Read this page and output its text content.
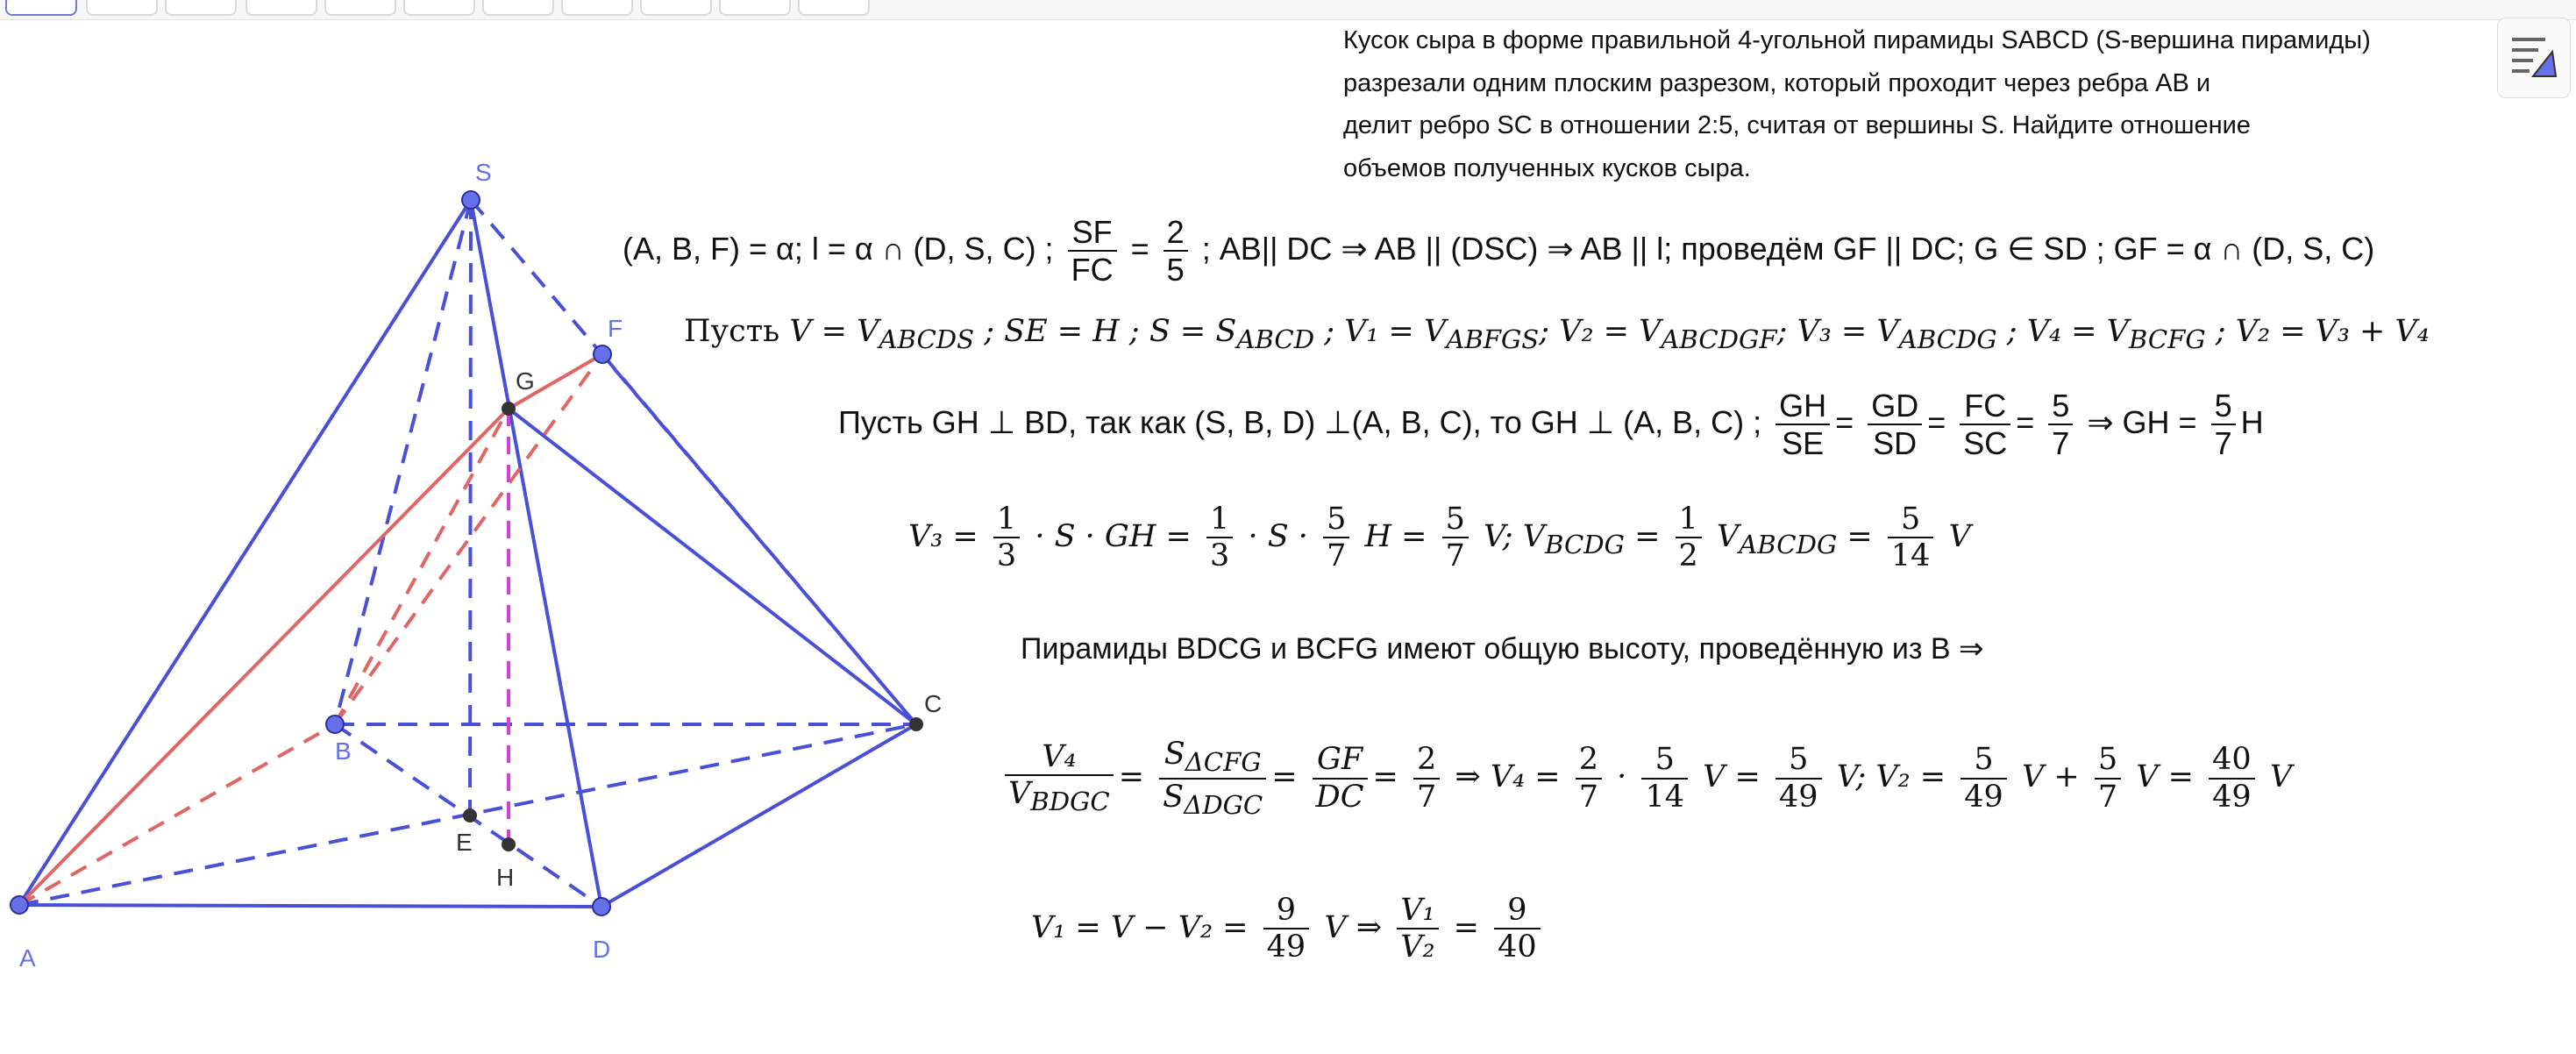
S
F
G
B
C
E
H
A	D
Кусок сыра в форме правильной 4-угольной пирамиды SABCD (S-вершина пирамиды)
разрезали одним плоским разрезом, который проходит через ребра AB и
делит ребро SC в отношении 2:5, считая от вершины S. Найдите отношение
объемов полученных кусков сыра.
(A, B, F) = α; l = α ∩ (D, S, C) ; $\frac{SF}{FC} = \frac{2}{5}$ ; AB|| DC ⇒ AB || (DSC) ⇒ AB || l; проведём GF || DC; G ∈ SD ; GF = α ∩ (D, S, C)
Пусть $V = V_{ABCDS}$ ; SE = H ; $S = S_{ABCD}$ ; $V_1 = V_{ABFGS}$; $V_2 = V_{ABCDGF}$; $V_3 = V_{ABCDG}$ ; $V_4 = V_{BCFG}$ ; V₂ = V₃ + V₄
Пусть GH ⊥ BD, так как (S, B, D) ⊥(A, B, C), то GH ⊥ (A, B, C) ; $\frac{GH}{SE} = \frac{GD}{SD} = \frac{FC}{SC} = \frac{5}{7}$ ⇒ GH = $\frac{5}{7}$ H
$V_3 = \frac{1}{3} \cdot S$ · GH = $\frac{1}{3} \cdot S \cdot \frac{5}{7}$ $H = \frac{5}{7} V$; $V_{BCDG} = \frac{1}{2} V_{ABCDG} = \frac{5}{14}$ V
Пирамиды BDCG и BCFG имеют общую высоту, проведённую из B ⇒
$\frac{\text{V₄}}{V_{BDGC}} = \frac{S_{\Delta CFG}}{S_{\Delta DGC}} = \frac{GF}{DC} = \frac{2}{7}$ ⇒ $V_4 = \frac{2}{7} \cdot \frac{5}{14}$ $V = \frac{5}{49} V$; $V_2 = \frac{5}{49}$ $V + \frac{5}{7}$ $V = \frac{40}{49}$ V
$V_1 = V - V_2 = \frac{9}{49}$ V ⇒ $\frac{\text{V₁}}{\text{V₂}} = \frac{9}{40}$
